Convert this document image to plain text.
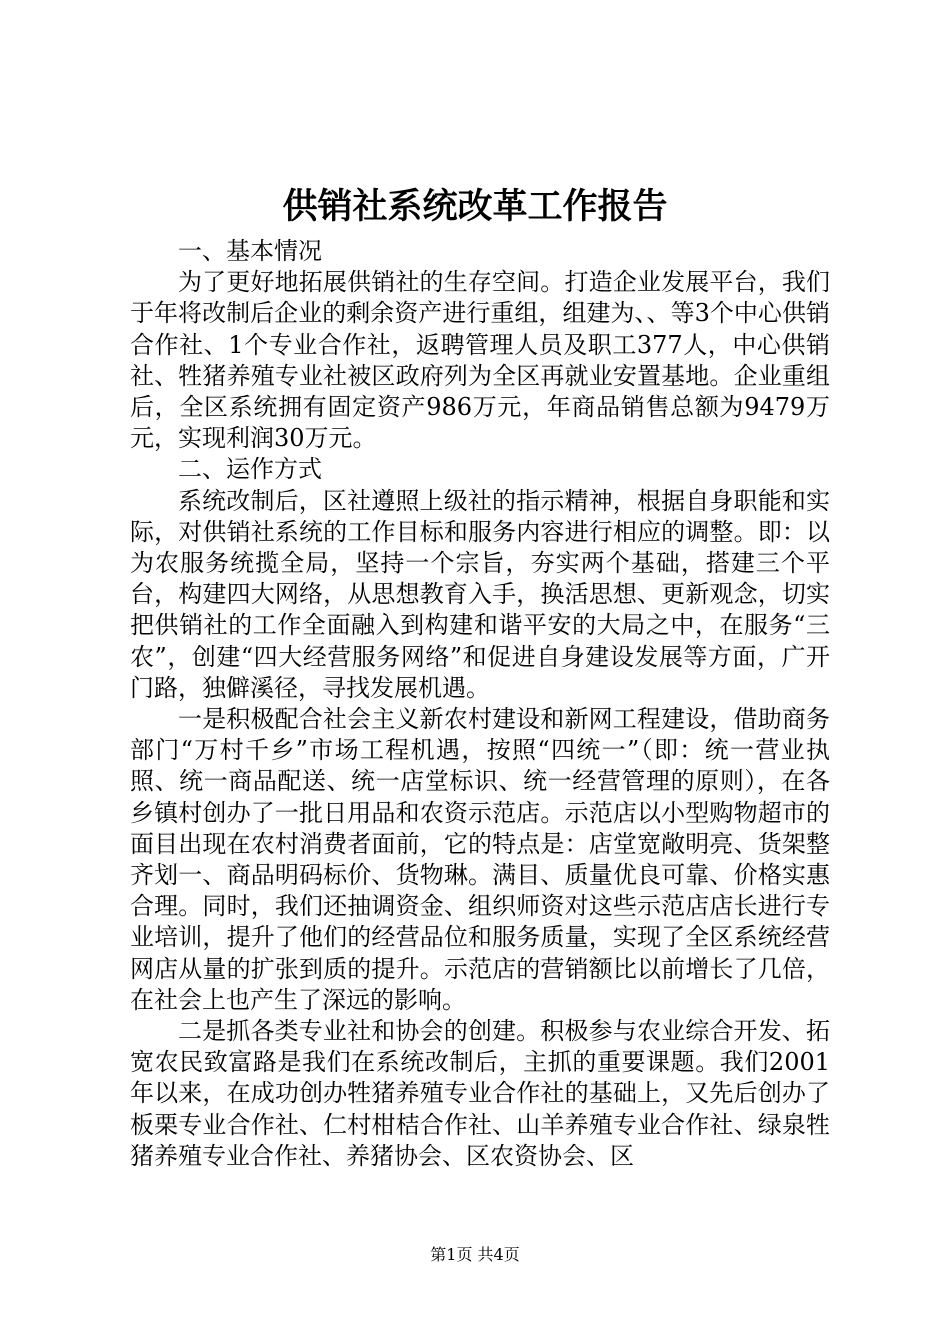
供销社系统改革工作报告
一、基本情况

为了更好地拓展供销社的生存空间。打造企业发展平台，我们于年将改制后企业的剩余资产进行重组，组建为、、等3个中心供销合作社、1个专业合作社，返聘管理人员及职工377人，中心供销社、牲猪养殖专业社被区政府列为全区再就业安置基地。企业重组后，全区系统拥有固定资产986万元，年商品销售总额为9479万元，实现利润30万元。

二、运作方式

系统改制后，区社遵照上级社的指示精神，根据自身职能和实际，对供销社系统的工作目标和服务内容进行相应的调整。即：以为农服务统揽全局，坚持一个宗旨，夯实两个基础，搭建三个平台，构建四大网络，从思想教育入手，换活思想、更新观念，切实把供销社的工作全面融入到构建和谐平安的大局之中，在服务“三农”，创建“四大经营服务网络”和促进自身建设发展等方面，广开门路，独僻溪径，寻找发展机遇。

一是积极配合社会主义新农村建设和新网工程建设，借助商务部门“万村千乡”市场工程机遇，按照“四统一”（即：统一营业执照、统一商品配送、统一店堂标识、统一经营管理的原则），在各乡镇村创办了一批日用品和农资示范店。示范店以小型购物超市的面目出现在农村消费者面前，它的特点是：店堂宽敞明亮、货架整齐划一、商品明码标价、货物琳。满目、质量优良可靠、价格实惠合理。同时，我们还抽调资金、组织师资对这些示范店店长进行专业培训，提升了他们的经营品位和服务质量，实现了全区系统经营网店从量的扩张到质的提升。示范店的营销额比以前增长了几倍，在社会上也产生了深远的影响。

二是抓各类专业社和协会的创建。积极参与农业综合开发、拓宽农民致富路是我们在系统改制后，主抓的重要课题。我们2001年以来，在成功创办牲猪养殖专业合作社的基础上，又先后创办了板栗专业合作社、仁村柑桔合作社、山羊养殖专业合作社、绿泉牲猪养殖专业合作社、养猪协会、区农资协会、区

第1页 共4页
